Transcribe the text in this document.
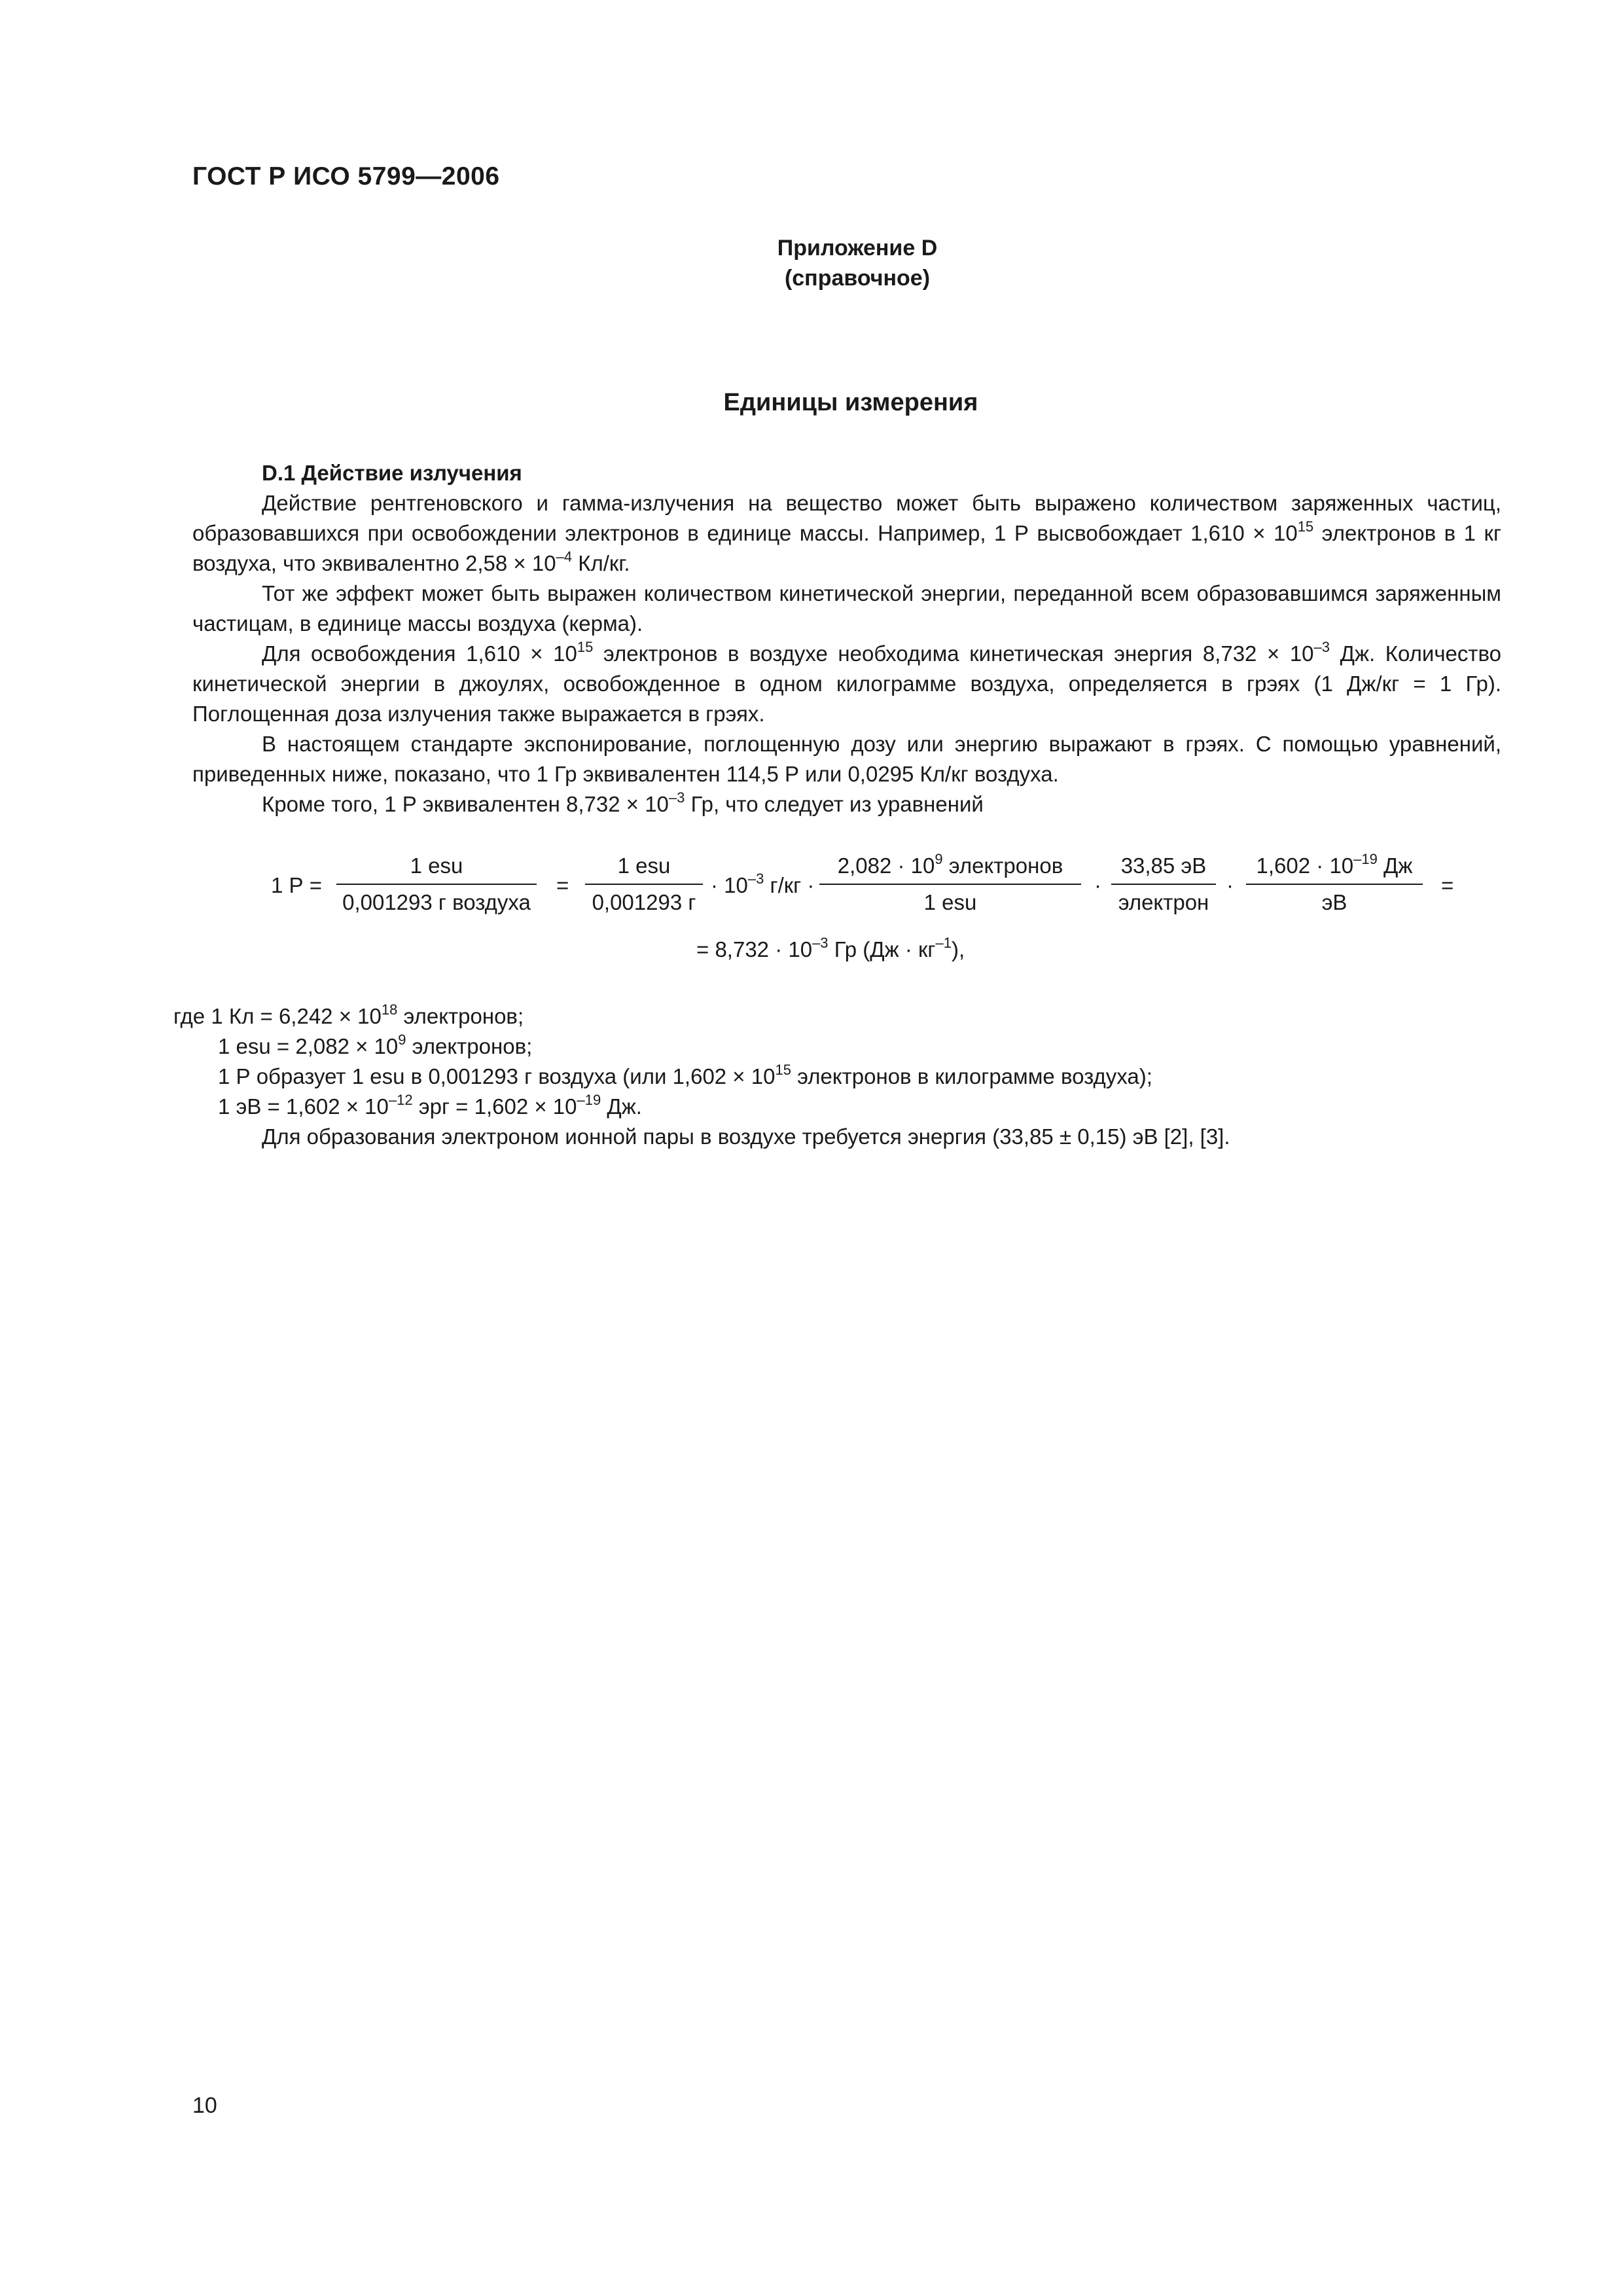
ГОСТ Р ИСО 5799—2006
Приложение D
(справочное)
Единицы измерения
D.1 Действие излучения

Действие рентгеновского и гамма-излучения на вещество может быть выражено количеством заряженных частиц, образовавшихся при освобождении электронов в единице массы. Например, 1 Р высвобождает $1,610 \times 10^{15}$ электронов в 1 кг воздуха, что эквивалентно $2,58 \times 10^{-4}$ Кл/кг.

Тот же эффект может быть выражен количеством кинетической энергии, переданной всем образовавшимся заряженным частицам, в единице массы воздуха (керма).

Для освобождения $1,610 \times 10^{15}$ электронов в воздухе необходима кинетическая энергия $8,732 \times 10^{-3}$ Дж. Количество кинетической энергии в джоулях, освобожденное в одном килограмме воздуха, определяется в грэях (1 Дж/кг = 1 Гр). Поглощенная доза излучения также выражается в грэях.

В настоящем стандарте экспонирование, поглощенную дозу или энергию выражают в грэях. С помощью уравнений, приведенных ниже, показано, что 1 Гр эквивалентен 114,5 Р или 0,0295 Кл/кг воздуха.

Кроме того, 1 Р эквивалентен $8,732 \times 10^{-3}$ Гр, что следует из уравнений

1 Р =
1 esu
0,001293 г воздуха
=
1 esu
0,001293 г
· $10^{-3}$ г/кг ·
$2,082 \cdot 10^9$ электронов
1 esu
·
33,85 эВ
электрон
·
$1,602 \cdot 10^{-19}$ Дж
эВ
=
= $8,732 \cdot 10^{-3}$ Гр $(Дж \cdot кг^{-1})$,
где 1 Кл = $6,242 \times 10^{18}$ электронов;
1 esu = $2,082 \times 10^9$ электронов;
1 Р образует 1 esu в 0,001293 г воздуха (или $1,602 \times 10^{15}$ электронов в килограмме воздуха);
1 эВ = $1,602 \times 10^{-12}$ эрг = $1,602 \times 10^{-19}$ Дж.
Для образования электроном ионной пары в воздухе требуется энергия (33,85 ± 0,15) эВ [2], [3].
10
